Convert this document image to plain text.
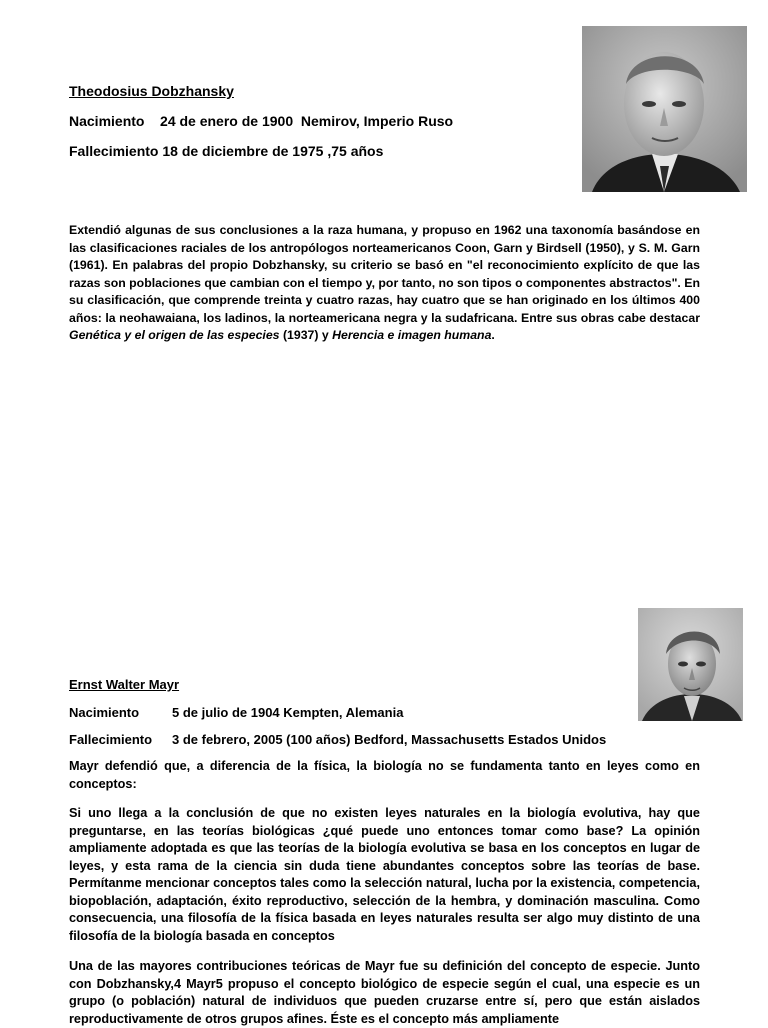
Theodosius Dobzhansky
Nacimiento 24 de enero de 1900  Nemirov, Imperio Ruso
Fallecimiento 18 de diciembre de 1975 ,75 años
Extendió algunas de sus conclusiones a la raza humana, y propuso en 1962 una taxonomía basándose en las clasificaciones raciales de los antropólogos norteamericanos Coon, Garn y Birdsell (1950), y S. M. Garn (1961). En palabras del propio Dobzhansky, su criterio se basó en "el reconocimiento explícito de que las razas son poblaciones que cambian con el tiempo y, por tanto, no son tipos o componentes abstractos". En su clasificación, que comprende treinta y cuatro razas, hay cuatro que se han originado en los últimos 400 años: la neohawaiana, los ladinos, la norteamericana negra y la sudafricana. Entre sus obras cabe destacar Genética y el origen de las especies (1937) y Herencia e imagen humana.
Ernst Walter Mayr
Nacimiento	5 de julio de 1904 Kempten, Alemania
Fallecimiento 3 de febrero, 2005 (100 años) Bedford, Massachusetts Estados Unidos
Mayr defendió que, a diferencia de la física, la biología no se fundamenta tanto en leyes como en conceptos:
Si uno llega a la conclusión de que no existen leyes naturales en la biología evolutiva, hay que preguntarse, en las teorías biológicas ¿qué puede uno entonces tomar como base? La opinión ampliamente adoptada es que las teorías de la biología evolutiva se basa en los conceptos en lugar de leyes, y esta rama de la ciencia sin duda tiene abundantes conceptos sobre las teorías de base. Permítanme mencionar conceptos tales como la selección natural, lucha por la existencia, competencia, biopoblación, adaptación, éxito reproductivo, selección de la hembra, y dominación masculina. Como consecuencia, una filosofía de la física basada en leyes naturales resulta ser algo muy distinto de una filosofía de la biología basada en conceptos
Una de las mayores contribuciones teóricas de Mayr fue su definición del concepto de especie. Junto con Dobzhansky,4 Mayr5 propuso el concepto biológico de especie según el cual, una especie es un grupo (o población) natural de individuos que pueden cruzarse entre sí, pero que están aislados reproductivamente de otros grupos afines. Éste es el concepto más ampliamente
